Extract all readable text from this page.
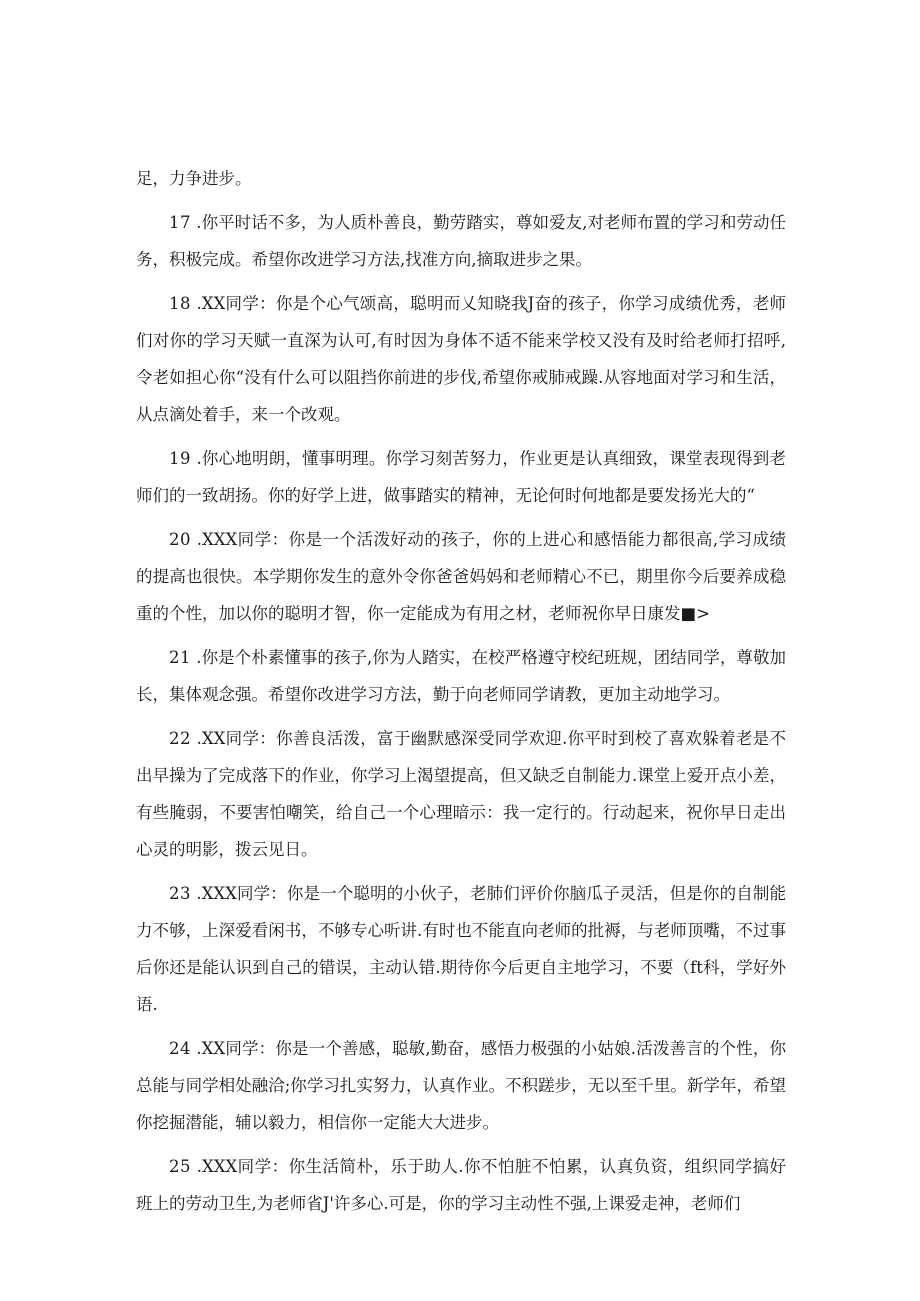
足，力争进步。

17 .你平时话不多，为人质朴善良，勤劳踏实，尊如爱友,对老师布置的学习和劳动任务，积极完成。希望你改进学习方法,找准方向,摘取进步之果。

18 .XX同学：你是个心气颂高，聪明而乂知晓我J奋的孩子，你学习成绩优秀，老师们对你的学习天赋一直深为认可,有时因为身体不适不能来学校又没有及时给老师打招呼,令老如担心你“没有什么可以阻挡你前进的步伐,希望你戒肺戒躁.从容地面对学习和生活，从点滴处着手，来一个改观。

19 .你心地明朗，懂事明理。你学习刻苦努力，作业更是认真细致，课堂表现得到老师们的一致胡扬。你的好学上进，做事踏实的精神，无论何时何地都是要发扬光大的“

20 .XXX同学：你是一个活泼好动的孩子，你的上进心和感悟能力都很高,学习成绩的提高也很快。本学期你发生的意外令你爸爸妈妈和老师精心不已，期里你今后要养成稳重的个性，加以你的聪明才智，你一定能成为有用之材，老师祝你早日康发■>

21 .你是个朴素懂事的孩子,你为人踏实，在校严格遵守校纪班规，团结同学，尊敬加长，集体观念强。希望你改进学习方法，勤于向老师同学请教，更加主动地学习。

22 .XX同学：你善良活泼，富于幽默感深受同学欢迎.你平时到校了喜欢躲着老是不出早操为了完成落下的作业，你学习上渴望提高，但又缺乏自制能力.课堂上爱开点小差，有些腌弱，不要害怕嘲笑，给自己一个心理暗示：我一定行的。行动起来，祝你早日走出心灵的明影，拨云见日。

23 .XXX同学：你是一个聪明的小伙子，老肺们评价你脑瓜子灵活，但是你的自制能力不够，上深爱看闲书，不够专心听讲.有时也不能直向老师的批褥，与老师顶嘴，不过事后你还是能认识到自己的错误，主动认错.期待你今后更自主地学习，不要（ft科，学好外语.

24 .XX同学：你是一个善感，聪敏,勤奋，感悟力极强的小姑娘.活泼善言的个性，你总能与同学相处融洽;你学习扎实努力，认真作业。不积蹉步，无以至千里。新学年，希望你挖掘潜能，辅以毅力，相信你一定能大大进步。

25 .XXX同学：你生活简朴，乐于助人.你不怕脏不怕累，认真负资，组织同学搞好班上的劳动卫生,为老师省J'许多心.可是，你的学习主动性不强,上课爱走神，老师们
